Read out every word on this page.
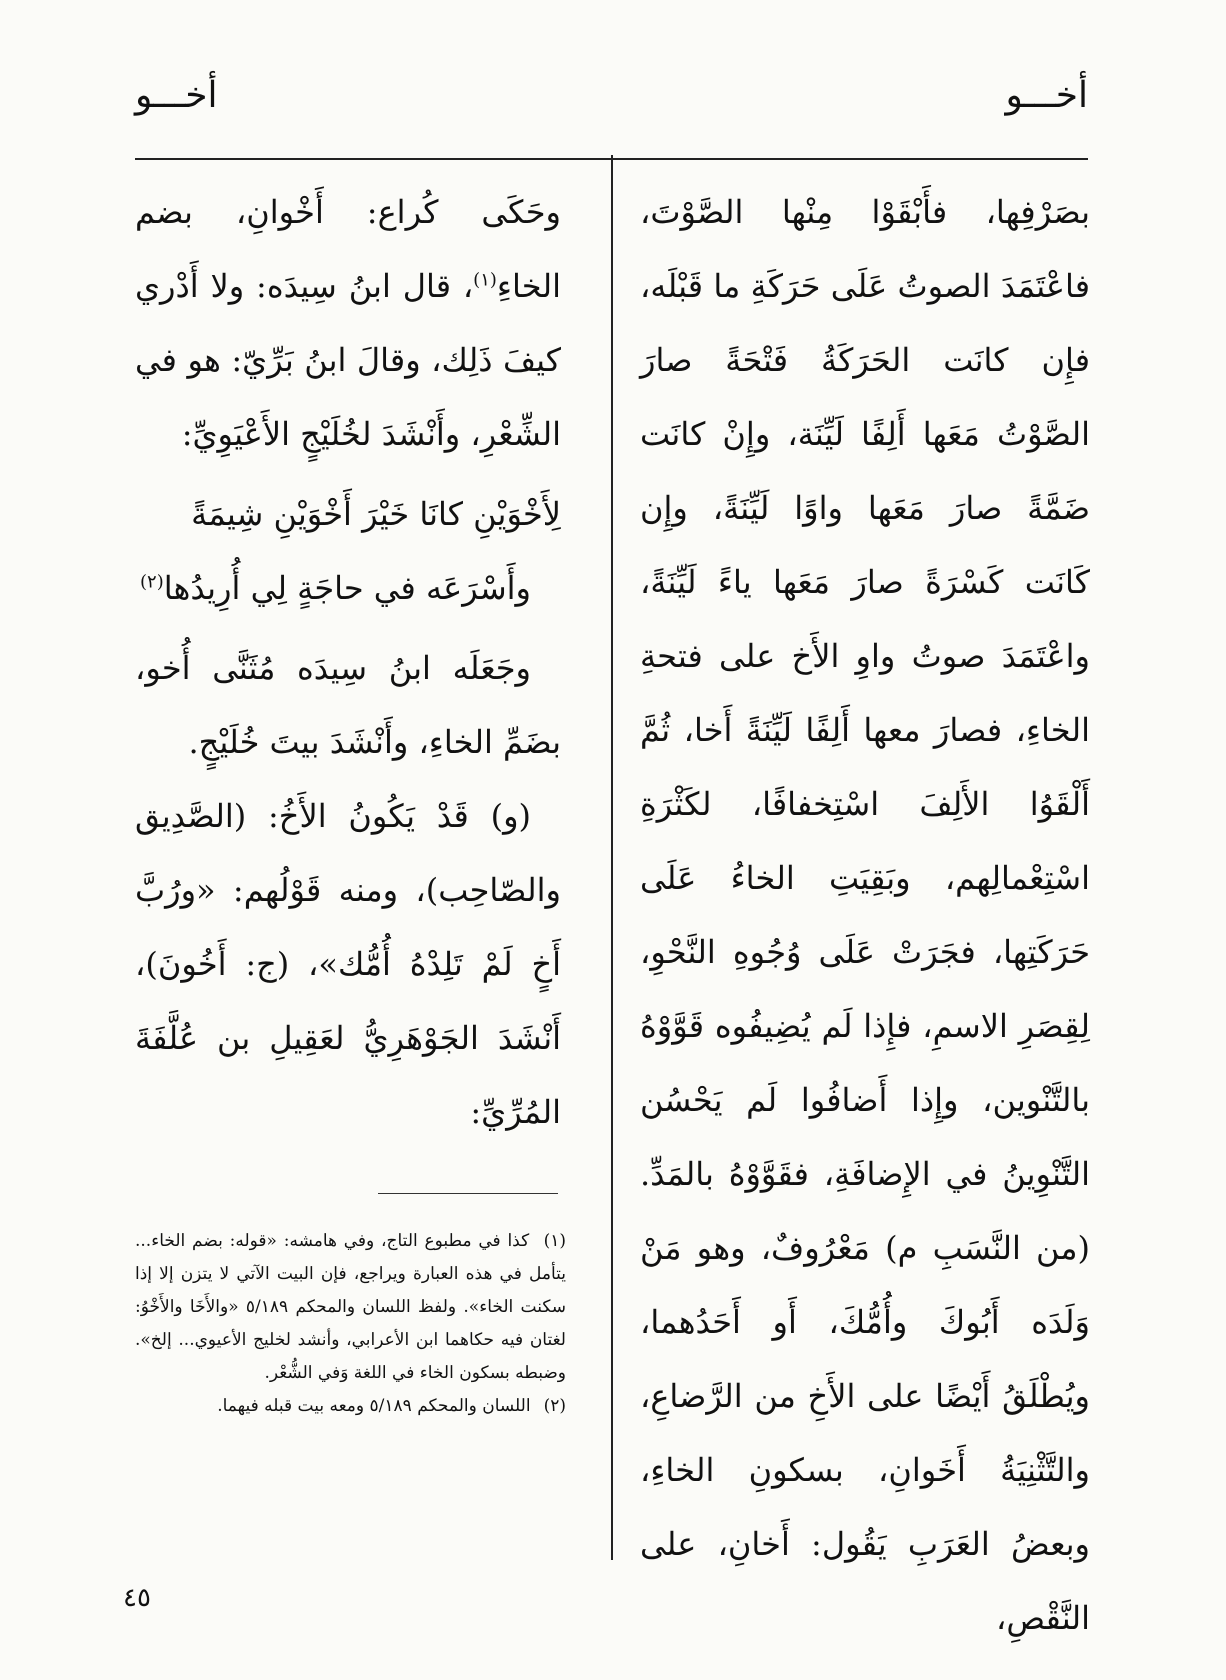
أخـــو
أخـــو

بصَرْفِها، فأَبْقَوْا مِنْها الصَّوْتَ، فاعْتَمَدَ الصوتُ عَلَى حَرَكَةِ ما قَبْلَه، فإِن كانَت الحَرَكَةُ فَتْحَةً صارَ الصَّوْتُ مَعَها أَلِفًا لَيِّنَة، وإِنْ كانَت ضَمَّةً صارَ مَعَها واوًا لَيِّنَةً، وإِن كَانَت كَسْرَةً صارَ مَعَها ياءً لَيِّنَةً، واعْتَمَدَ صوتُ واوِ الأَخ على فتحةِ الخاءِ، فصارَ معها أَلِفًا لَيِّنَةً أَخا، ثُمَّ أَلْقَوُا الأَلِفَ اسْتِخفافًا، لكَثْرَةِ اسْتِعْمالِهم، وبَقِيَتِ الخاءُ عَلَى حَرَكَتِها، فجَرَتْ عَلَى وُجُوهِ النَّحْوِ، لِقِصَرِ الاسمِ، فإِذا لَم يُضِيفُوه قَوَّوْهُ بالتَّنْوين، وإِذا أَضافُوا لَم يَحْسُن التَّنْوِينُ في الإِضافَةِ، فقَوَّوْهُ بالمَدِّ. (من النَّسَبِ م) مَعْرُوفٌ، وهو مَنْ وَلَدَه أَبُوكَ وأُمُّكَ، أَو أَحَدُهما، ويُطْلَقُ أَيْضًا على الأَخِ من الرَّضاعِ، والتَّثْنِيَةُ أَخَوانِ، بسكونِ الخاءِ، وبعضُ العَرَبِ يَقُول: أَخانِ، على النَّقْصِ،

وحَكَى كُراع: أَخْوانِ، بضم الخاءِ$^{(١)}$، قال ابنُ سِيدَه: ولا أَدْري كيفَ ذَلِك، وقالَ ابنُ بَرِّيّ: هو في الشِّعْرِ، وأَنْشَدَ لخُلَيْجٍ الأَعْيَوِيِّ:

لِأَخْوَيْنِ كانَا خَيْرَ أَخْوَيْنِ شِيمَةً
وأَسْرَعَه في حاجَةٍ لِي أُرِيدُها$^{(٢)}$

وجَعَلَه ابنُ سِيدَه مُثَنَّى أُخو، بضَمِّ الخاءِ، وأَنْشَدَ بيتَ خُلَيْجٍ.

(و) قَدْ يَكُونُ الأَخُ: (الصَّدِيق والصّاحِب)، ومنه قَوْلُهم: «ورُبَّ أَخٍ لَمْ تَلِدْهُ أُمُّك»، (ج: أَخُونَ)، أَنْشَدَ الجَوْهَرِيُّ لعَقِيلِ بن عُلَّفَةَ المُرِّيِّ:

(١) كذا في مطبوع التاج، وفي هامشه: «قوله: بضم الخاء... يتأمل في هذه العبارة ويراجع، فإن البيت الآتي لا يتزن إلا إذا سكنت الخاء». ولفظ اللسان والمحكم ٥/١٨٩ «والأَخَا والأَخْوُ: لغتان فيه حكاهما ابن الأعرابي، وأنشد لخليج الأعيوي... إلخ». وضبطه بسكون الخاء في اللغة وَفي الشُّعْر.

(٢) اللسان والمحكم ٥/١٨٩ ومعه بيت قبله فيهما.

٤٥
